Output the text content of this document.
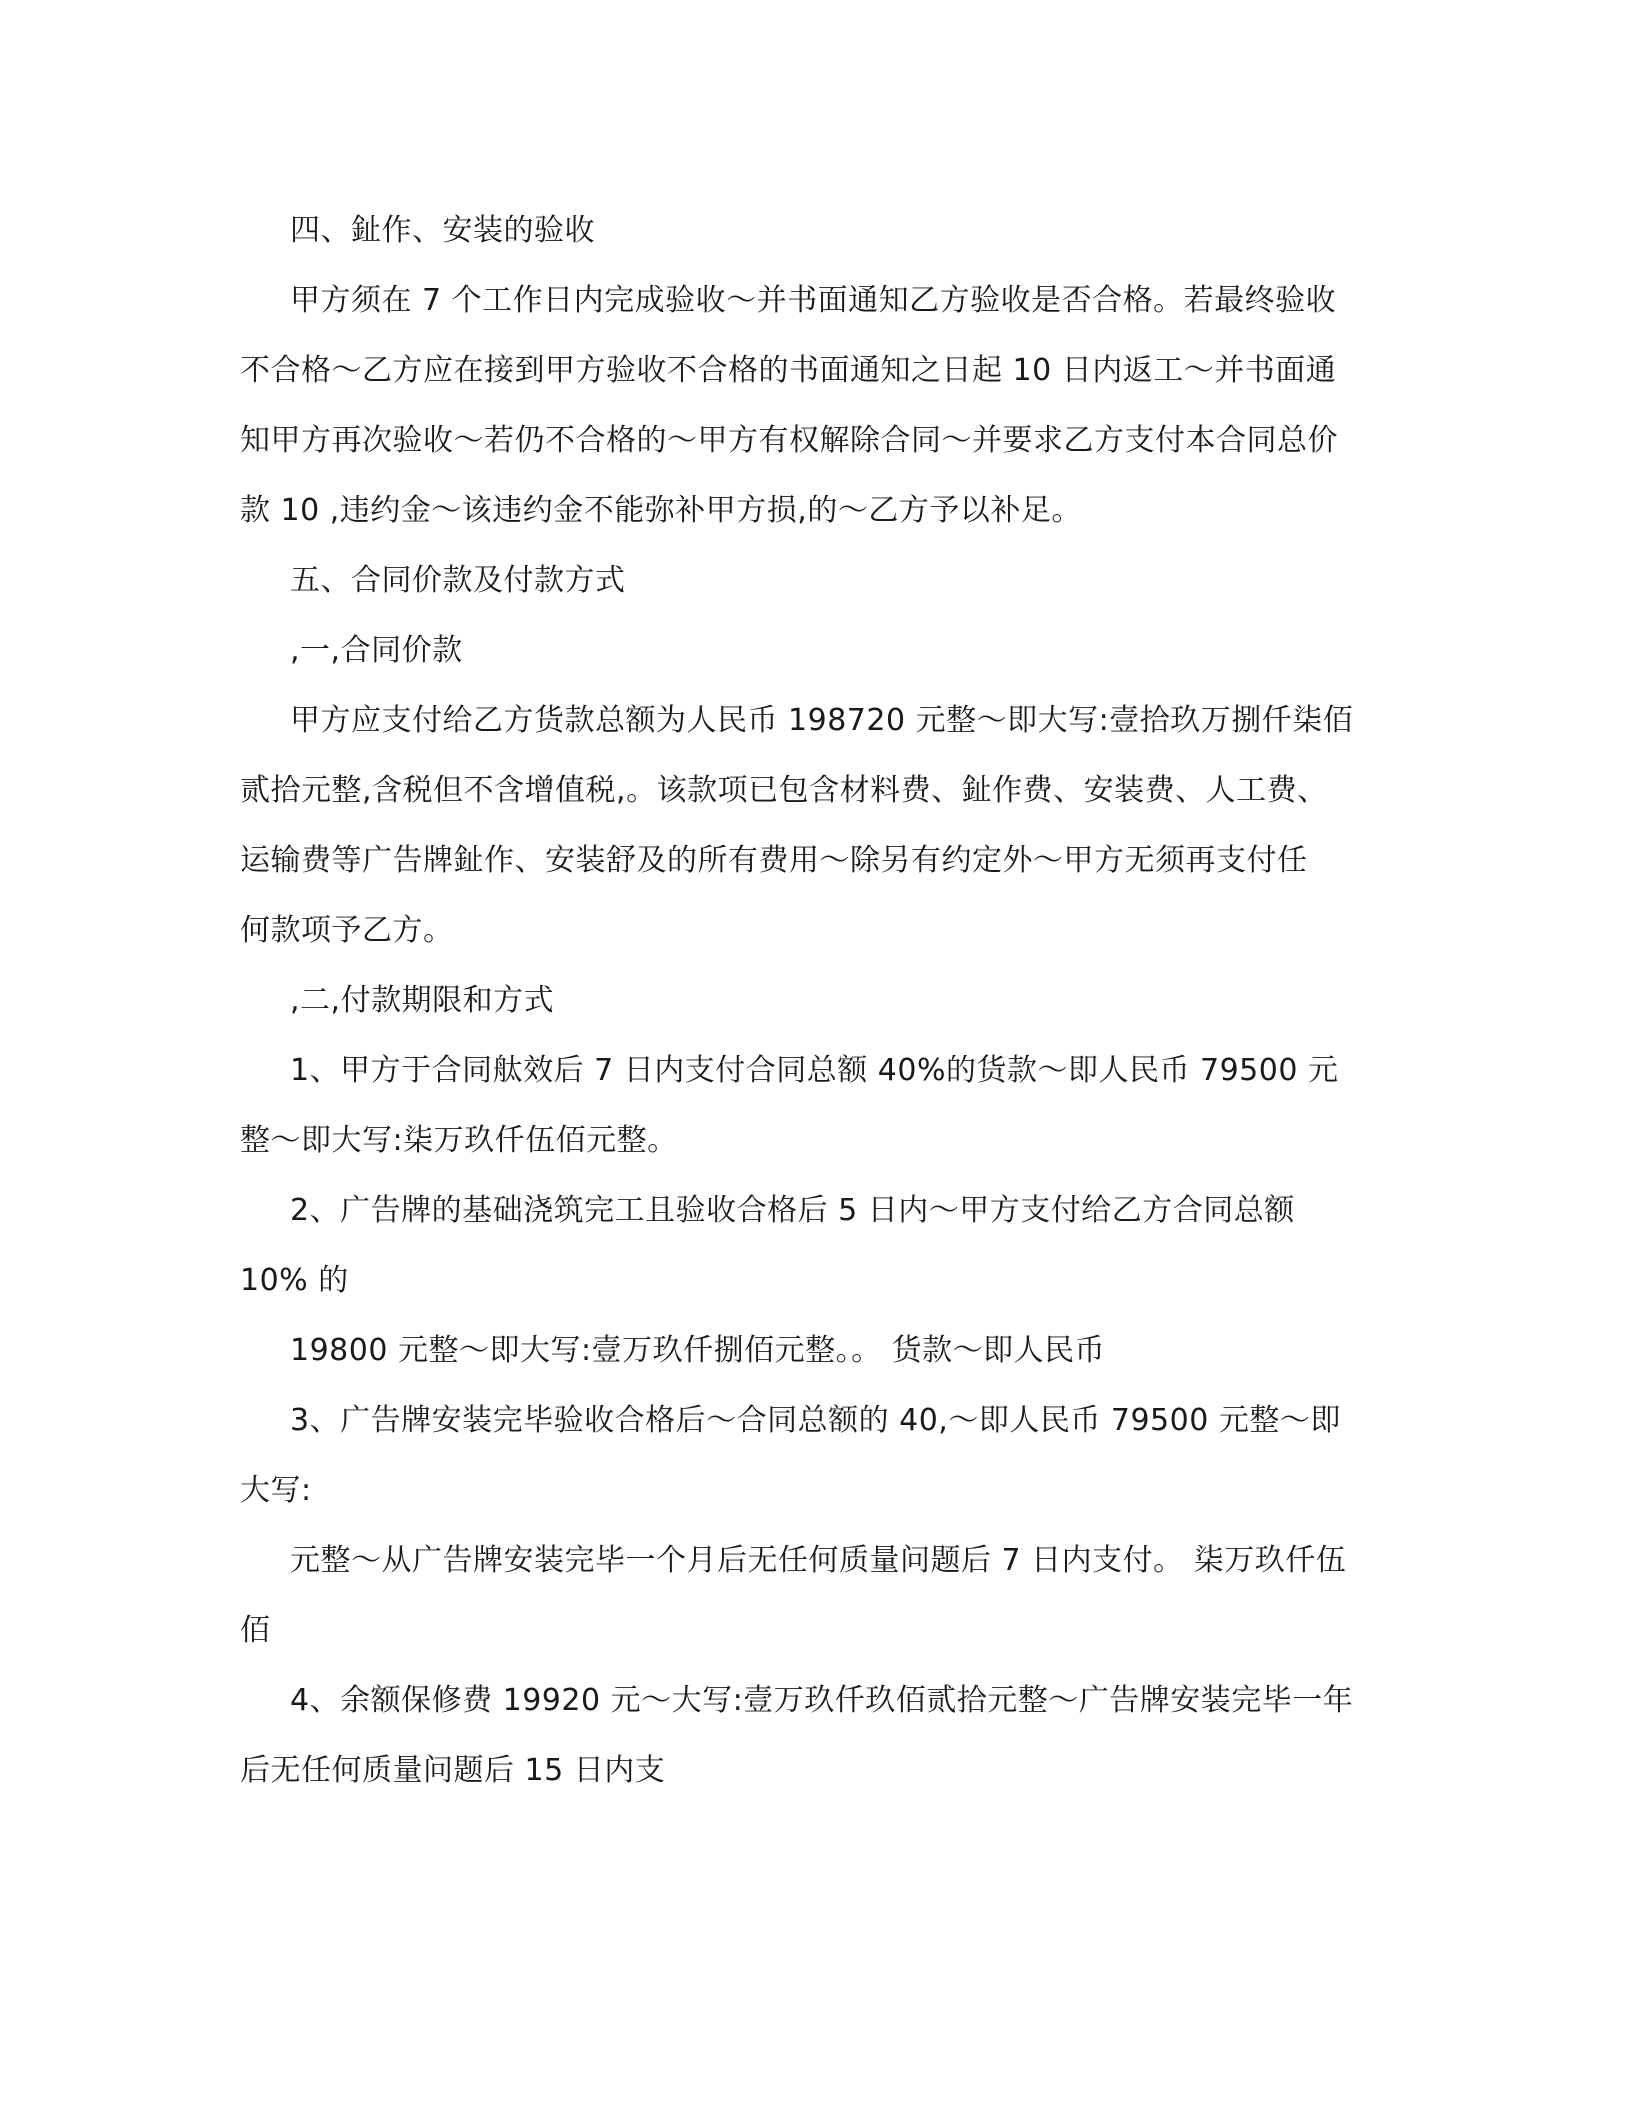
四、䤠作、安装的验收

甲方须在 7 个工作日内完成验收～并书面通知乙方验收是否合格。若最终验收

不合格～乙方应在接到甲方验收不合格的书面通知之日起 10 日内返工～并书面通

知甲方再次验收～若仍不合格的～甲方有权解除合同～并要求乙方支付本合同总价

款 10 ,违约金～该违约金不能弥补甲方损,的～乙方予以补足。

五、合同价款及付款方式

,一,合同价款

甲方应支付给乙方货款总额为人民币 198720 元整～即大写:壹拾玖万捌仟柒佰

贰拾元整,含税但不含增值税,。该款项已包含材料费、䤠作费、安装费、人工费、

运输费等广告牌䤠作、安装舒及的所有费用～除另有约定外～甲方无须再支付任

何款项予乙方。

,二,付款期限和方式

1、甲方于合同舦效后 7 日内支付合同总额 40%的货款～即人民币 79500 元

整～即大写:柒万玖仟伍佰元整。

2、广告牌的基础浇筑完工且验收合格后 5 日内～甲方支付给乙方合同总额

10% 的

19800 元整～即大写:壹万玖仟捌佰元整。。 货款～即人民币

3、广告牌安装完毕验收合格后～合同总额的 40,～即人民币 79500 元整～即

大写:

元整～从广告牌安装完毕一个月后无任何质量问题后 7 日内支付。 柒万玖仟伍

佰

4、余额保修费 19920 元～大写:壹万玖仟玖佰贰拾元整～广告牌安装完毕一年

后无任何质量问题后 15 日内支
